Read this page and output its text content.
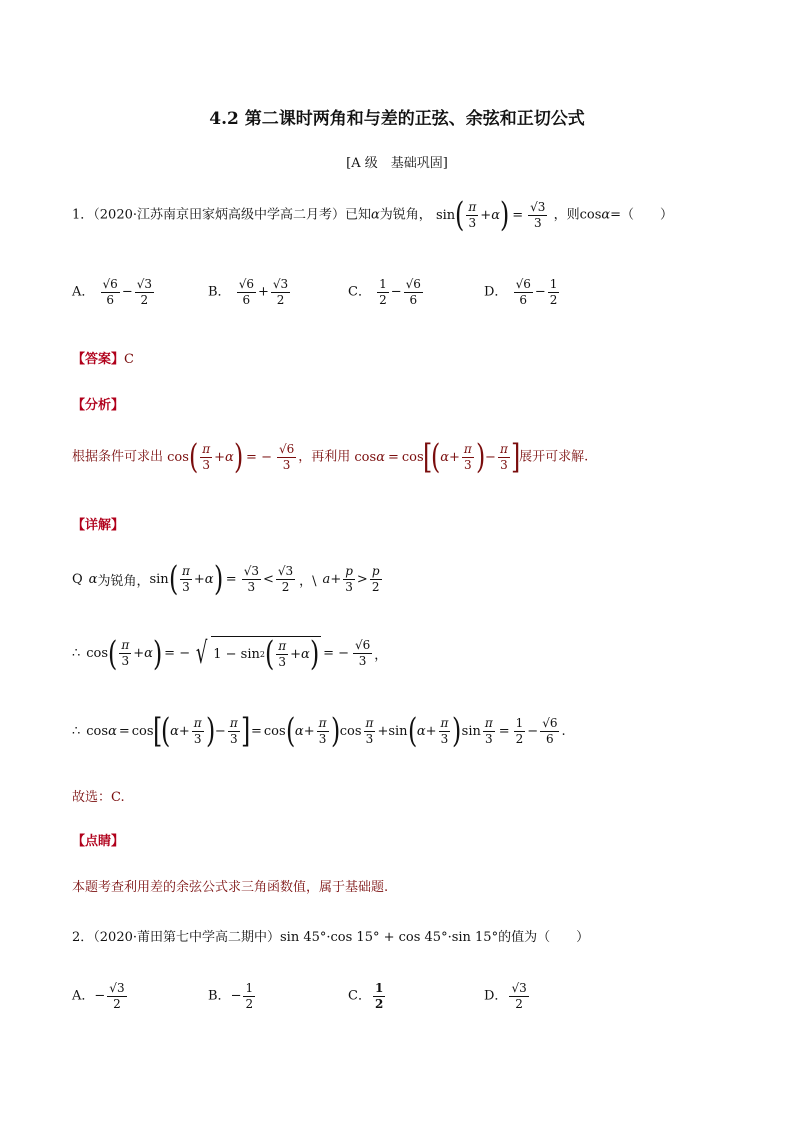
4.2 第二课时两角和与差的正弦、余弦和正切公式
[A 级　基础巩固]
1．（2020·江苏南京田家炳高级中学高二月考）已知α为锐角， sin ( $\frac{\pi}{3} + \alpha$ ) = $\frac{√3}{3}$ ，则cosα=（　　）
A． $\frac{√6}{6} - \frac{√3}{2}$	B． $\frac{√6}{6} + \frac{√3}{2}$	C． $\frac{1}{2} - \frac{√6}{6}$	D． $\frac{√6}{6} - \frac{1}{2}$
【答案】C
【分析】
根据条件可求出 cos ( $\frac{\pi}{3} + \alpha$ ) = − $\frac{√6}{3}$ ，再利用 cos α = cos
[
( $\alpha + \frac{\pi}{3}$ ) − $\frac{\pi}{3}$ ]
展开可求解.
【详解】
Q α 为锐角， sin ( $\frac{\pi}{3} + \alpha$ ) = $\frac{√3}{3} < \frac{√3}{2}$ ，\ $a + \frac{p}{3} > \frac{p}{2}$
∴ cos ( $\frac{\pi}{3} + \alpha$ ) = − √ 1 − sin 2 ( $\frac{\pi}{3} + \alpha$ ) = − $\frac{√6}{3}$ ，
∴ cos α = cos
[
( $\alpha + \frac{\pi}{3}$ ) − $\frac{\pi}{3}$ ] = cos ( $\alpha + \frac{\pi}{3}$ ) $\cos \frac{\pi}{3} + \sin$ ( $\alpha + \frac{\pi}{3}$ ) $\sin \frac{\pi}{3} = \frac{1}{2} - \frac{√6}{6}$ .
故选：C.
【点睛】
本题考查利用差的余弦公式求三角函数值，属于基础题.
2．（2020·莆田第七中学高二期中）sin 45°·cos 15° + cos 45°·sin 15°的值为（　　）
A．− $\frac{√3}{2}$	B．− $\frac{1}{2}$	C． $\frac{1}{2}$	D． $\frac{√3}{2}$
